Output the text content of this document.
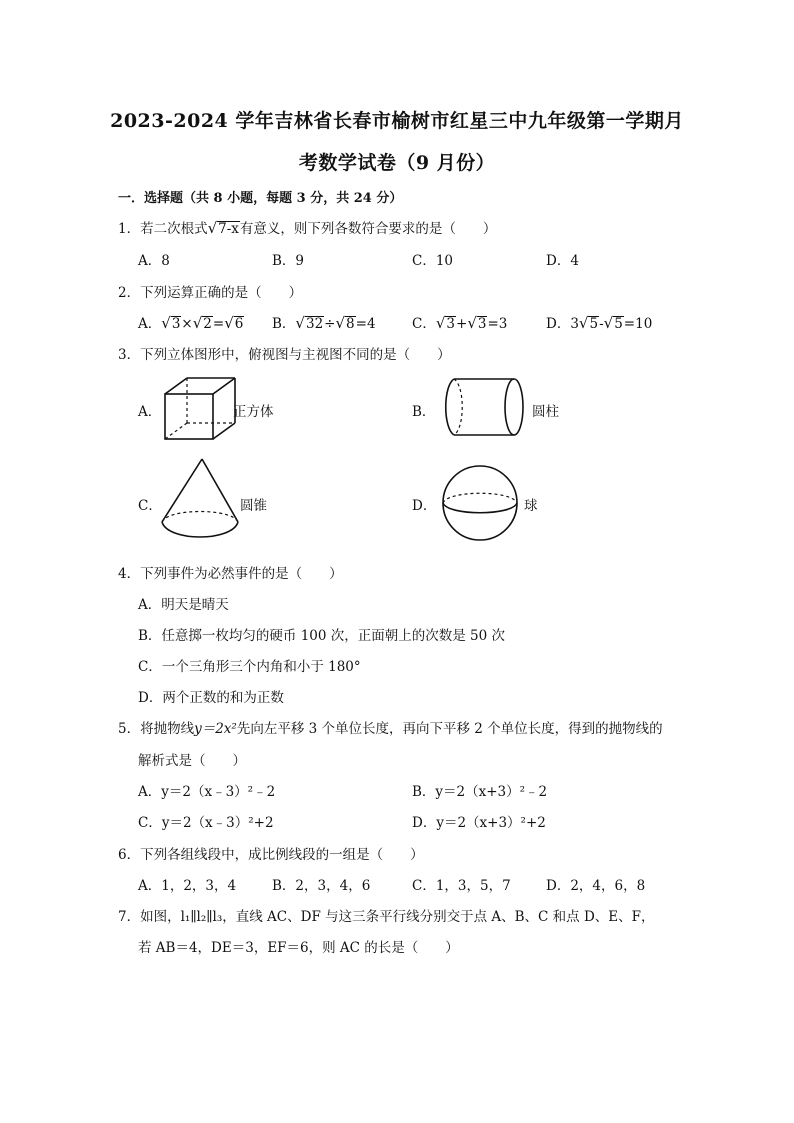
2023-2024 学年吉林省长春市榆树市红星三中九年级第一学期月
考数学试卷（9 月份）
一．选择题（共 8 小题，每题 3 分，共 24 分）
1．若二次根式√7-x有意义，则下列各数符合要求的是（　　）
A．8	B．9	C．10	D．4
2．下列运算正确的是（　　）
A．√3×√2=√6 B．√32÷√8=4	C．√3+√3=3	D．3√5-√5=10
3．下列立体图形中，俯视图与主视图不同的是（　　）
A．	正方体	B．	圆柱
C．	圆锥	D．	球
4．下列事件为必然事件的是（　　）
A．明天是晴天
B．任意掷一枚均匀的硬币 100 次，正面朝上的次数是 50 次
C．一个三角形三个内角和小于 180°
D．两个正数的和为正数
5．将抛物线y＝2x²先向左平移 3 个单位长度，再向下平移 2 个单位长度，得到的抛物线的
解析式是（　　）
A．y＝2（x﹣3）²﹣2	B．y＝2（x+3）²﹣2
C．y＝2（x﹣3）²+2	D．y＝2（x+3）²+2
6．下列各组线段中，成比例线段的一组是（　　）
A．1，2，3，4	B．2，3，4，6	C．1，3，5，7	D．2，4，6，8
7．如图，l₁∥l₂∥l₃，直线 AC、DF 与这三条平行线分别交于点 A、B、C 和点 D、E、F，
若 AB＝4，DE＝3，EF＝6，则 AC 的长是（　　）
